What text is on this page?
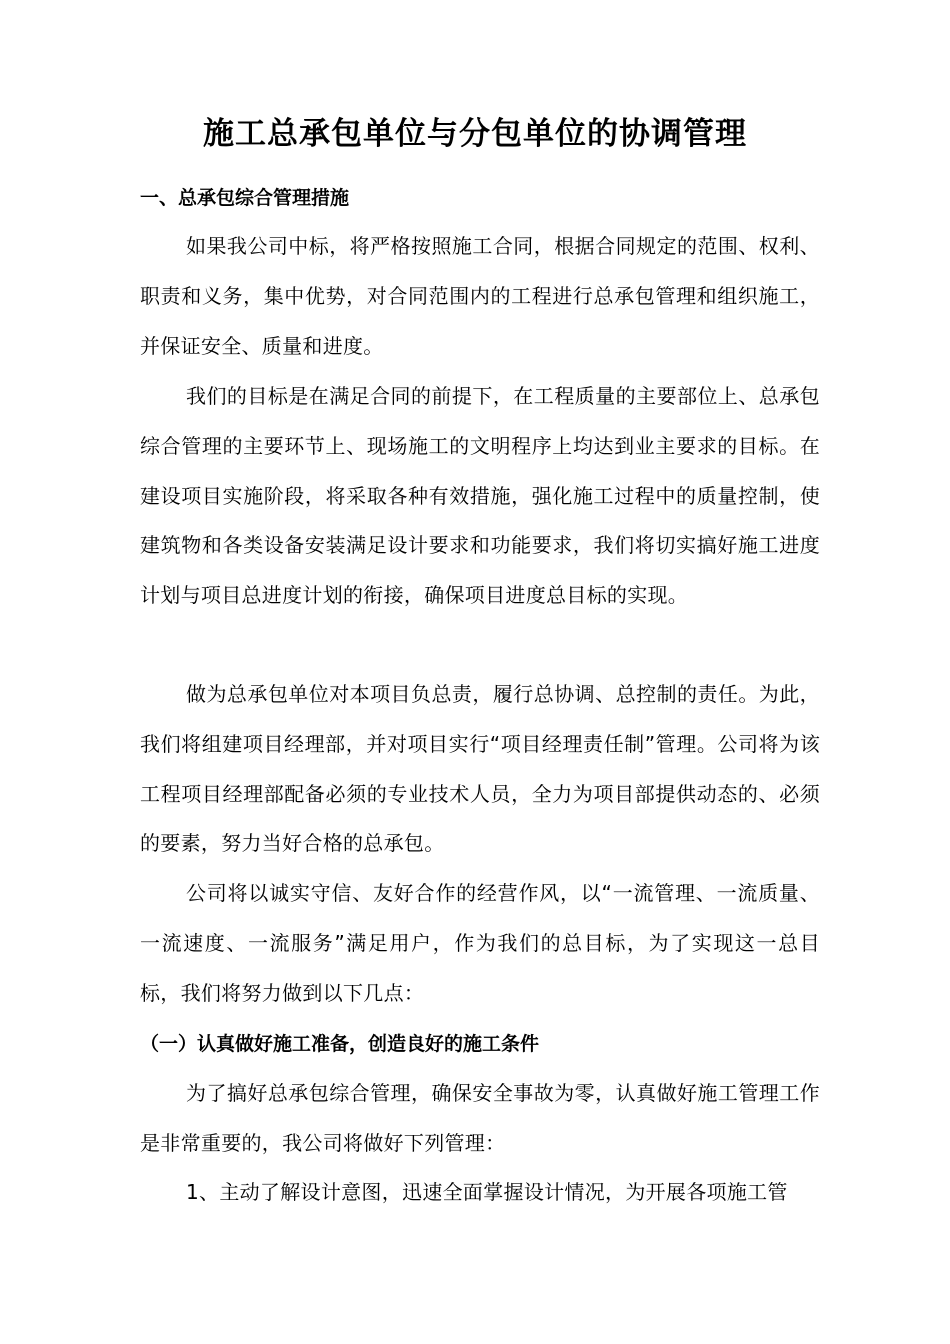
施工总承包单位与分包单位的协调管理
一、总承包综合管理措施
如果我公司中标，将严格按照施工合同，根据合同规定的范围、权利、职责和义务，集中优势，对合同范围内的工程进行总承包管理和组织施工，并保证安全、质量和进度。
我们的目标是在满足合同的前提下，在工程质量的主要部位上、总承包综合管理的主要环节上、现场施工的文明程序上均达到业主要求的目标。在建设项目实施阶段，将采取各种有效措施，强化施工过程中的质量控制，使建筑物和各类设备安装满足设计要求和功能要求，我们将切实搞好施工进度计划与项目总进度计划的衔接，确保项目进度总目标的实现。
做为总承包单位对本项目负总责，履行总协调、总控制的责任。为此，我们将组建项目经理部，并对项目实行“项目经理责任制”管理。公司将为该工程项目经理部配备必须的专业技术人员，全力为项目部提供动态的、必须的要素，努力当好合格的总承包。
公司将以诚实守信、友好合作的经营作风，以“一流管理、一流质量、一流速度、一流服务”满足用户，作为我们的总目标，为了实现这一总目标，我们将努力做到以下几点：
（一）认真做好施工准备，创造良好的施工条件
为了搞好总承包综合管理，确保安全事故为零，认真做好施工管理工作是非常重要的，我公司将做好下列管理：
1、主动了解设计意图，迅速全面掌握设计情况，为开展各项施工管
